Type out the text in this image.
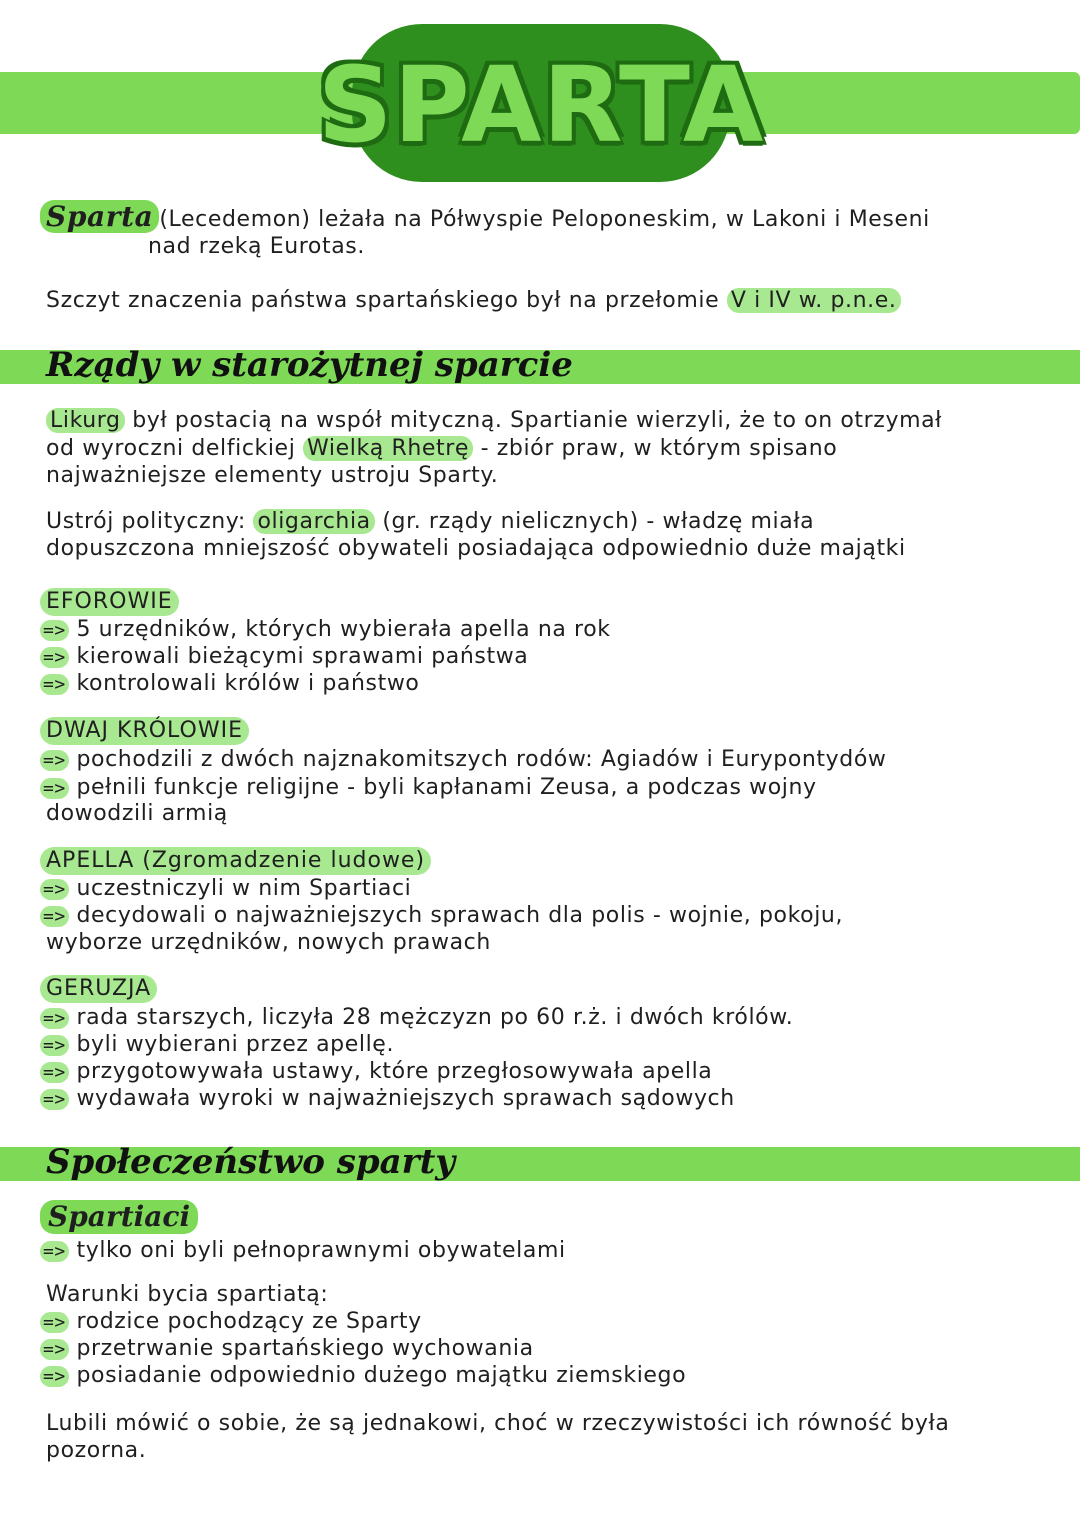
SPARTA
Sparta (Lecedemon) leżała na Półwyspie Peloponeskim, w Lakoni i Meseni
nad rzeką Eurotas.
Szczyt znaczenia państwa spartańskiego był na przełomie V i IV w. p.n.e.
Rządy w starożytnej sparcie
Likurg był postacią na współ mityczną. Spartianie wierzyli, że to on otrzymał
od wyroczni delfickiej Wielką Rhetrę - zbiór praw, w którym spisano
najważniejsze elementy ustroju Sparty.
Ustrój polityczny: oligarchia (gr. rządy nielicznych) - władzę miała
dopuszczona mniejszość obywateli posiadająca odpowiednio duże majątki
EFOROWIE
=> 5 urzędników, których wybierała apella na rok
=> kierowali bieżącymi sprawami państwa
=> kontrolowali królów i państwo
DWAJ KRÓLOWIE
=> pochodzili z dwóch najznakomitszych rodów: Agiadów i Eurypontydów
=> pełnili funkcje religijne - byli kapłanami Zeusa, a podczas wojny
dowodzili armią
APELLA (Zgromadzenie ludowe)
=> uczestniczyli w nim Spartiaci
=> decydowali o najważniejszych sprawach dla polis - wojnie, pokoju,
wyborze urzędników, nowych prawach
GERUZJA
=> rada starszych, liczyła 28 mężczyzn po 60 r.ż. i dwóch królów.
=> byli wybierani przez apellę.
=> przygotowywała ustawy, które przegłosowywała apella
=> wydawała wyroki w najważniejszych sprawach sądowych
Społeczeństwo sparty
Spartiaci
=> tylko oni byli pełnoprawnymi obywatelami
Warunki bycia spartiatą:
=> rodzice pochodzący ze Sparty
=> przetrwanie spartańskiego wychowania
=> posiadanie odpowiednio dużego majątku ziemskiego
Lubili mówić o sobie, że są jednakowi, choć w rzeczywistości ich równość była
pozorna.
